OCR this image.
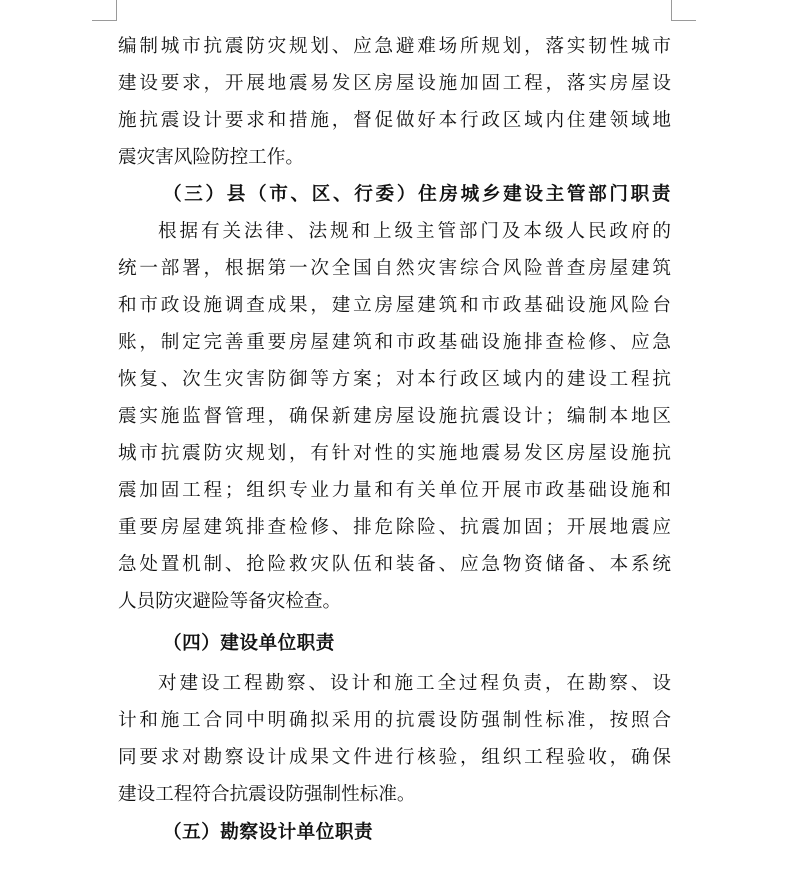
编制城市抗震防灾规划、应急避难场所规划，落实韧性城市
建设要求，开展地震易发区房屋设施加固工程，落实房屋设
施抗震设计要求和措施，督促做好本行政区域内住建领域地
震灾害风险防控工作。
（三）县（市、区、行委）住房城乡建设主管部门职责
根据有关法律、法规和上级主管部门及本级人民政府的
统一部署，根据第一次全国自然灾害综合风险普查房屋建筑
和市政设施调查成果，建立房屋建筑和市政基础设施风险台
账，制定完善重要房屋建筑和市政基础设施排查检修、应急
恢复、次生灾害防御等方案；对本行政区域内的建设工程抗
震实施监督管理，确保新建房屋设施抗震设计；编制本地区
城市抗震防灾规划，有针对性的实施地震易发区房屋设施抗
震加固工程；组织专业力量和有关单位开展市政基础设施和
重要房屋建筑排查检修、排危除险、抗震加固；开展地震应
急处置机制、抢险救灾队伍和装备、应急物资储备、本系统
人员防灾避险等备灾检查。
（四）建设单位职责
对建设工程勘察、设计和施工全过程负责，在勘察、设
计和施工合同中明确拟采用的抗震设防强制性标准，按照合
同要求对勘察设计成果文件进行核验，组织工程验收，确保
建设工程符合抗震设防强制性标准。
（五）勘察设计单位职责
